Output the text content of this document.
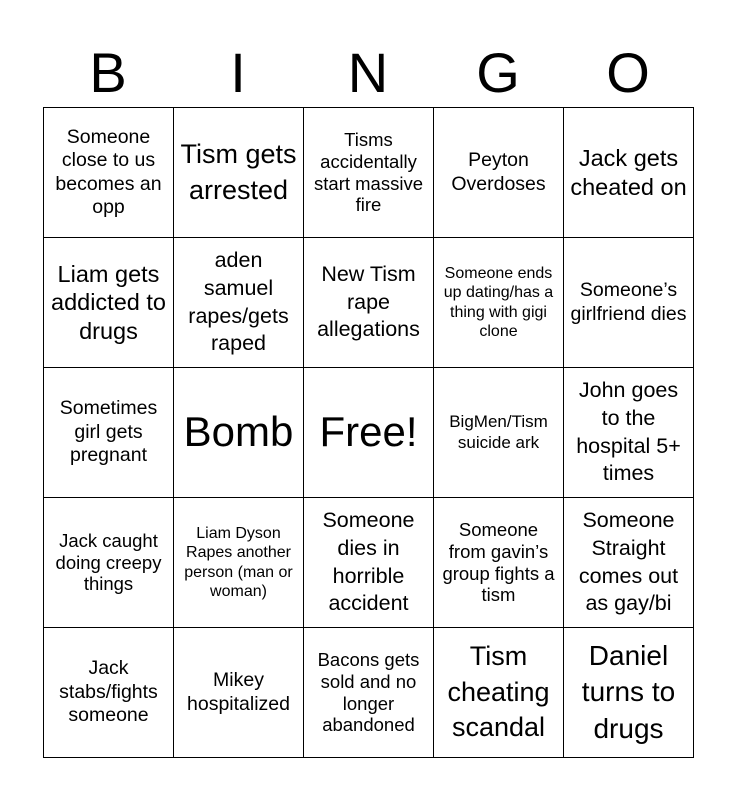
B	I	N	G	O
Someone close to us becomes an opp	Tism gets arrested	Tisms accidentally start massive fire	Peyton Overdoses	Jack gets cheated on
Liam gets addicted to drugs	aden samuel rapes/gets raped	New Tism rape allegations	Someone ends up dating/has a thing with gigi clone	Someone’s girlfriend dies
Sometimes girl gets pregnant	Bomb	Free!	BigMen/Tism suicide ark	John goes to the hospital 5+ times
Jack caught doing creepy things	Liam Dyson Rapes another person (man or woman)	Someone dies in horrible accident	Someone from gavin’s group fights a tism	Someone Straight comes out as gay/bi
Jack stabs/fights someone	Mikey hospitalized	Bacons gets sold and no longer abandoned	Tism cheating scandal	Daniel turns to drugs
